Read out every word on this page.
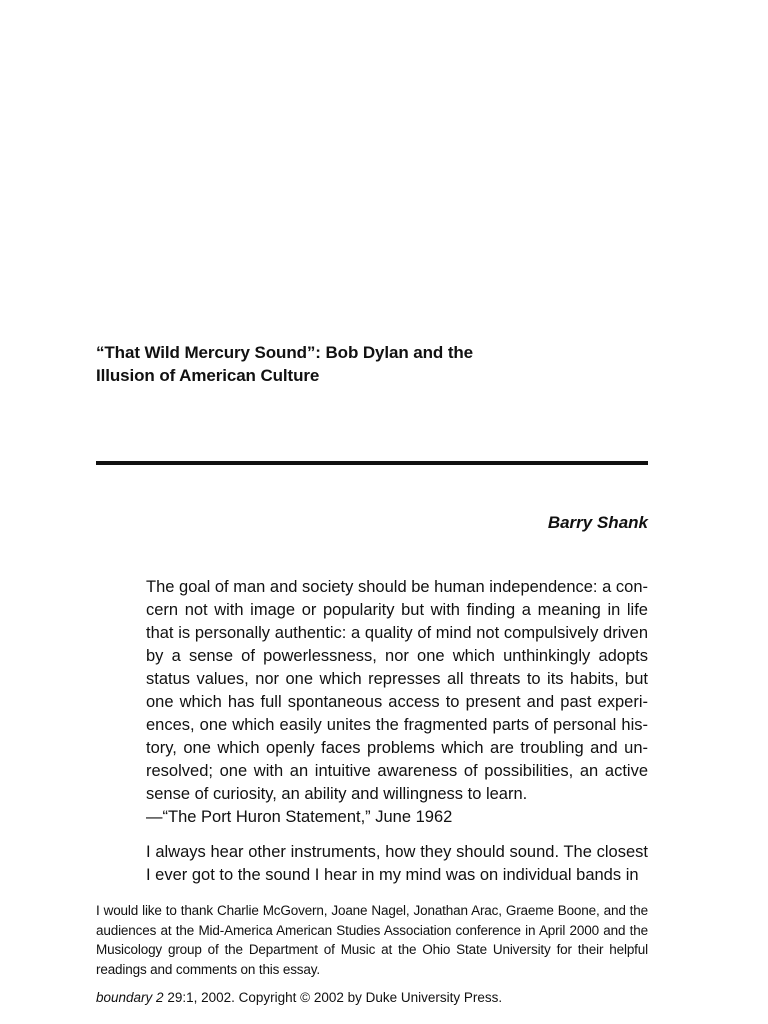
“That Wild Mercury Sound”: Bob Dylan and the
Illusion of American Culture
Barry Shank

The goal of man and society should be human independence: a con-cern not with image or popularity but with finding a meaning in life that is personally authentic: a quality of mind not compulsively driven by a sense of powerlessness, nor one which unthinkingly adopts status values, nor one which represses all threats to its habits, but one which has full spontaneous access to present and past experi-ences, one which easily unites the fragmented parts of personal his-tory, one which openly faces problems which are troubling and un-resolved; one with an intuitive awareness of possibilities, an active sense of curiosity, an ability and willingness to learn.

—“The Port Huron Statement,” June 1962

I always hear other instruments, how they should sound. The closest I ever got to the sound I hear in my mind was on individual bands in

I would like to thank Charlie McGovern, Joane Nagel, Jonathan Arac, Graeme Boone, and the audiences at the Mid-America American Studies Association conference in April 2000 and the Musicology group of the Department of Music at the Ohio State University for their helpful readings and comments on this essay.

boundary 2 29:1, 2002. Copyright © 2002 by Duke University Press.
